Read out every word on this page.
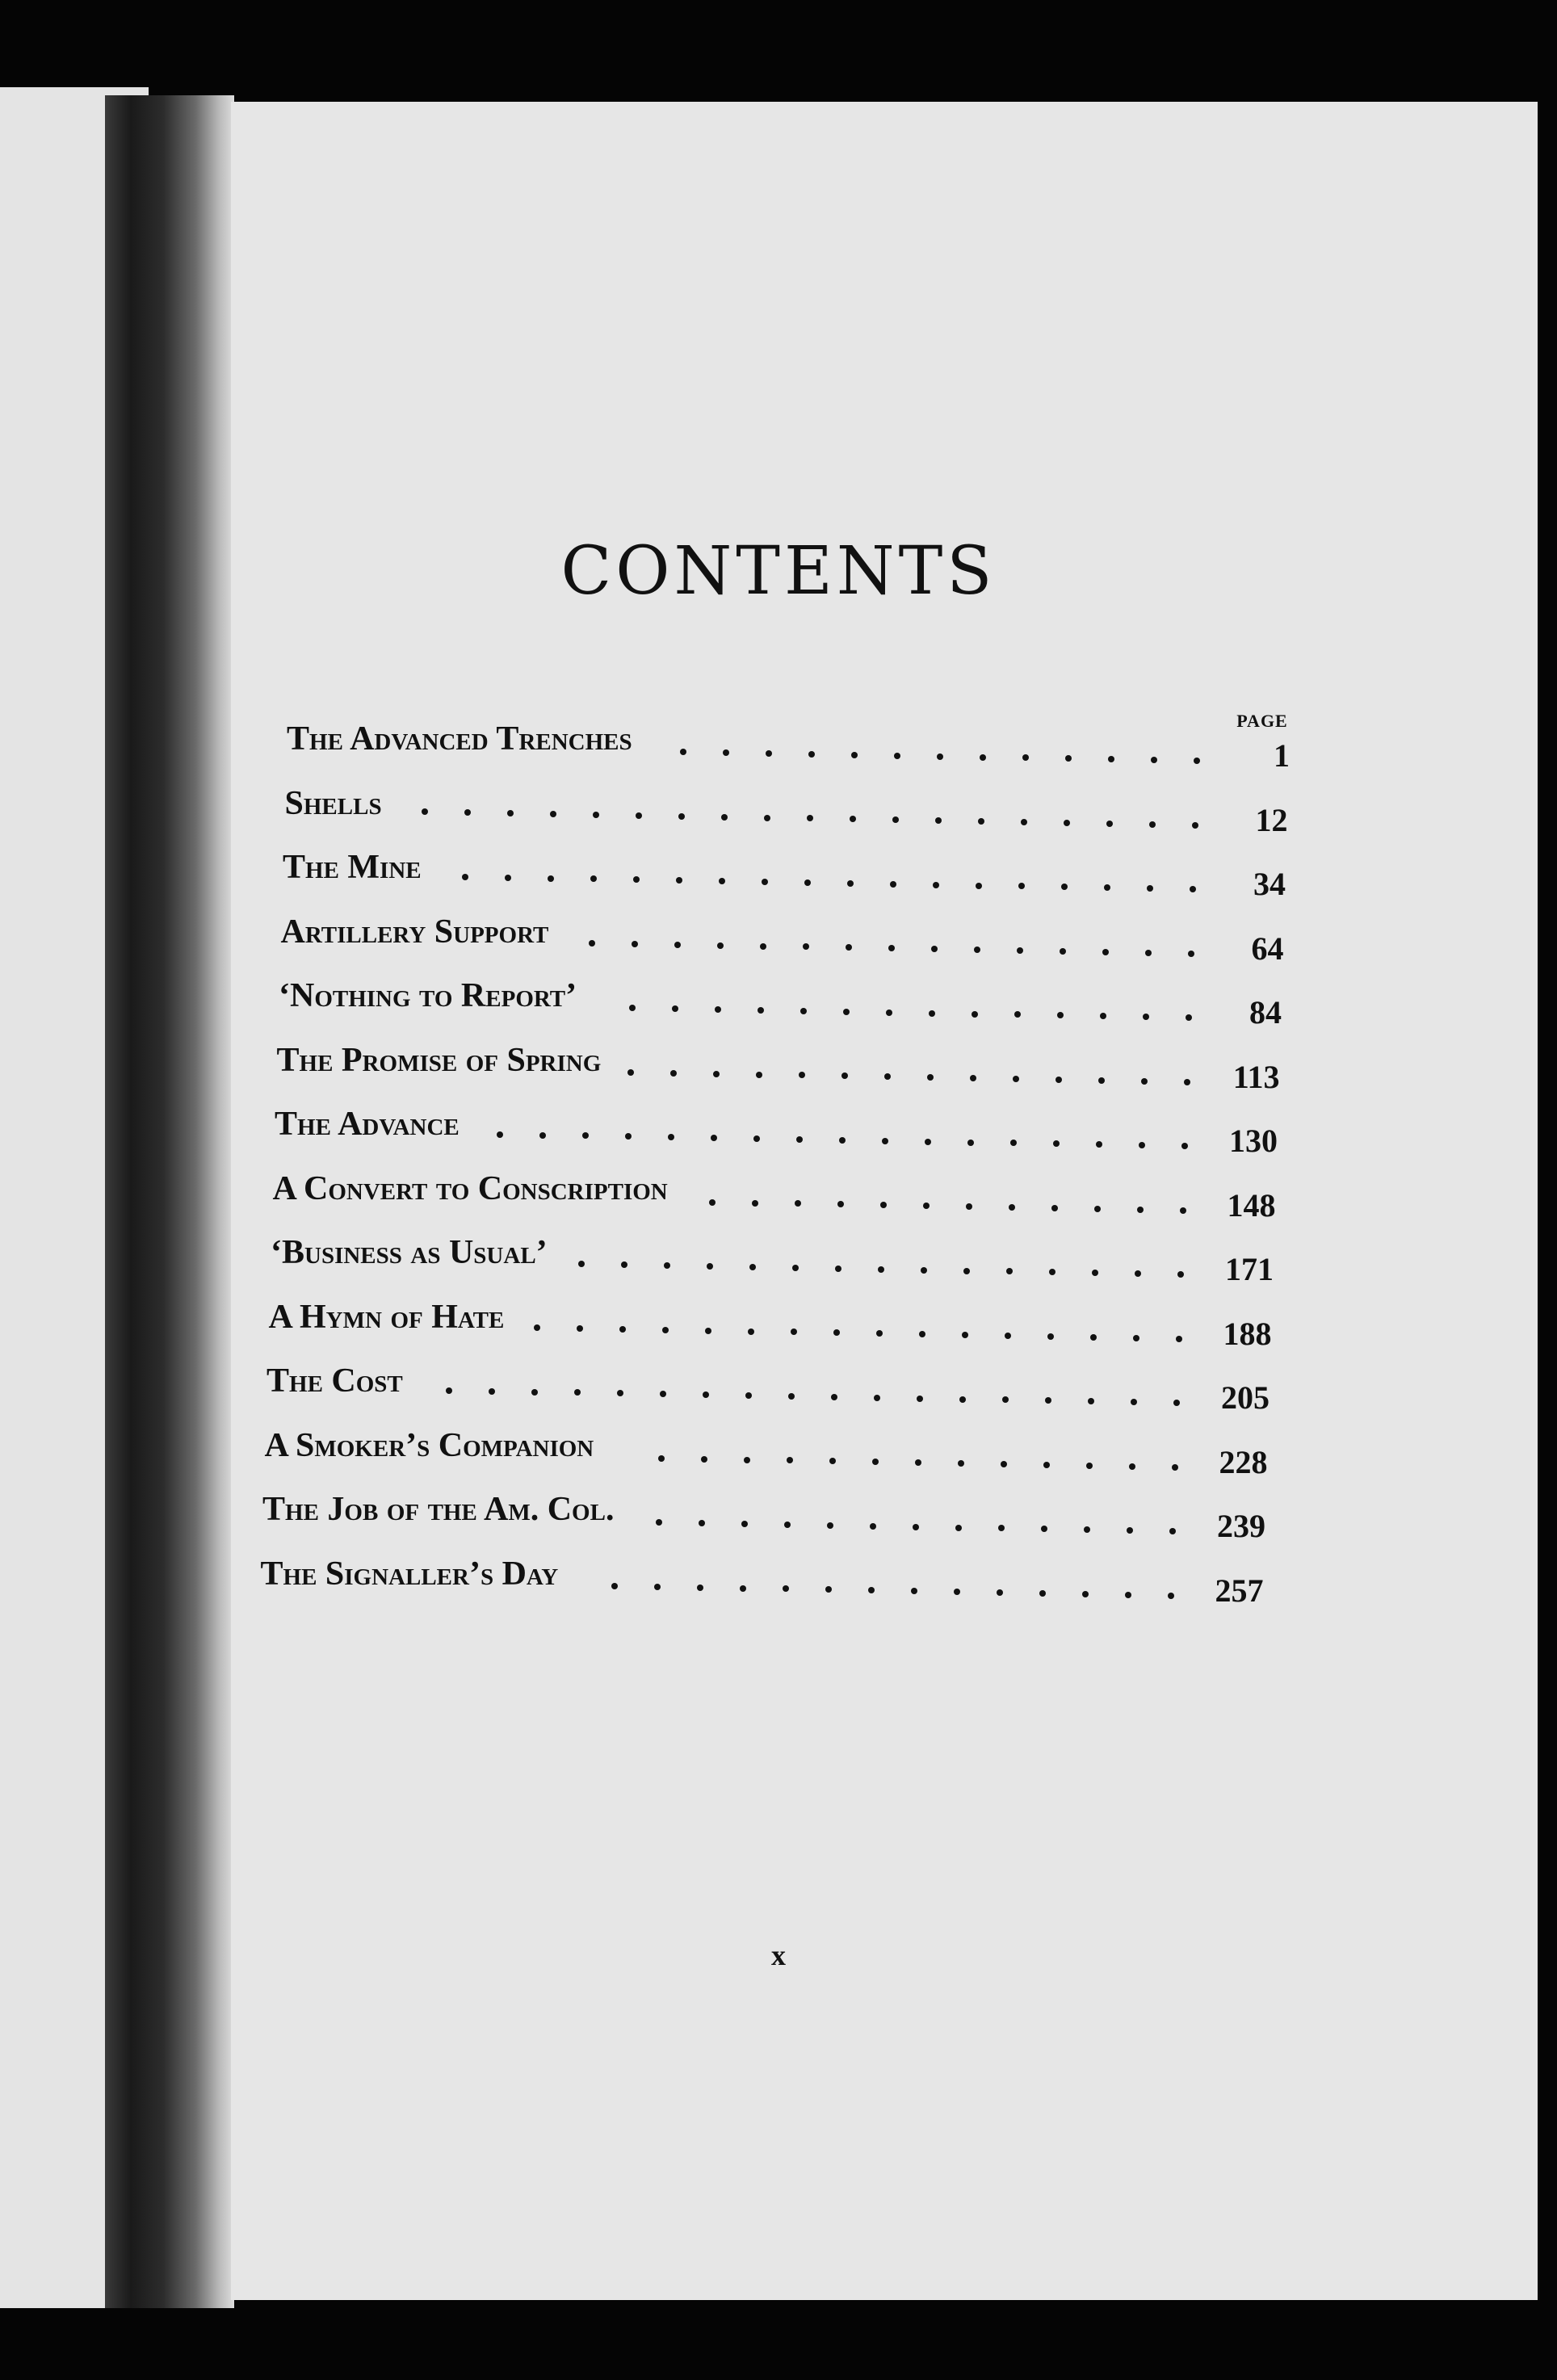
CONTENTS
PAGE
The Advanced Trenches	1
Shells	12
The Mine	34
Artillery Support	64
‘Nothing to Report’	84
The Promise of Spring	113
The Advance	130
A Convert to Conscription	148
‘Business as Usual’	171
A Hymn of Hate	188
The Cost	205
A Smoker’s Companion	228
The Job of the Am. Col.	239
The Signaller’s Day	257
x
